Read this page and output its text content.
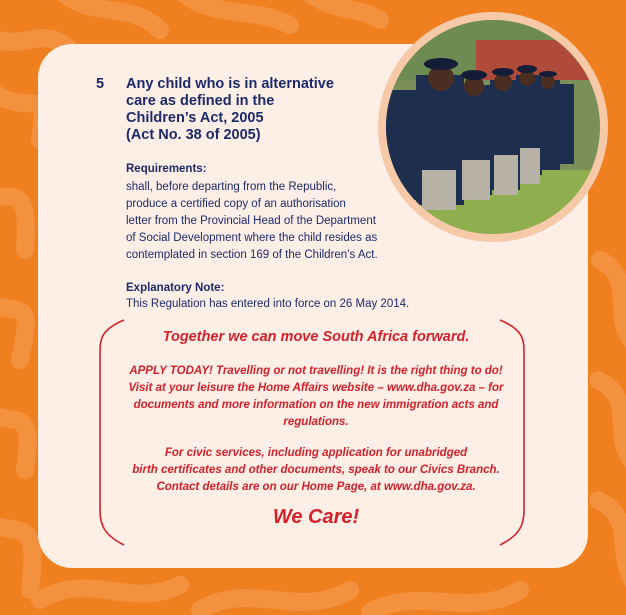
5 Any child who is in alternative
care as defined in the
Children’s Act, 2005
(Act No. 38 of 2005)
Requirements:
shall, before departing from the Republic,
produce a certified copy of an authorisation
letter from the Provincial Head of the Department
of Social Development where the child resides as
contemplated in section 169 of the Children’s Act.
Explanatory Note:
This Regulation has entered into force on 26 May 2014.
Together we can move South Africa forward.
APPLY TODAY! Travelling or not travelling! It is the right thing to do!
Visit at your leisure the Home Affairs website – www.dha.gov.za – for
documents and more information on the new immigration acts and
regulations.
For civic services, including application for unabridged
birth certificates and other documents, speak to our Civics Branch.
Contact details are on our Home Page, at www.dha.gov.za.
We Care!
